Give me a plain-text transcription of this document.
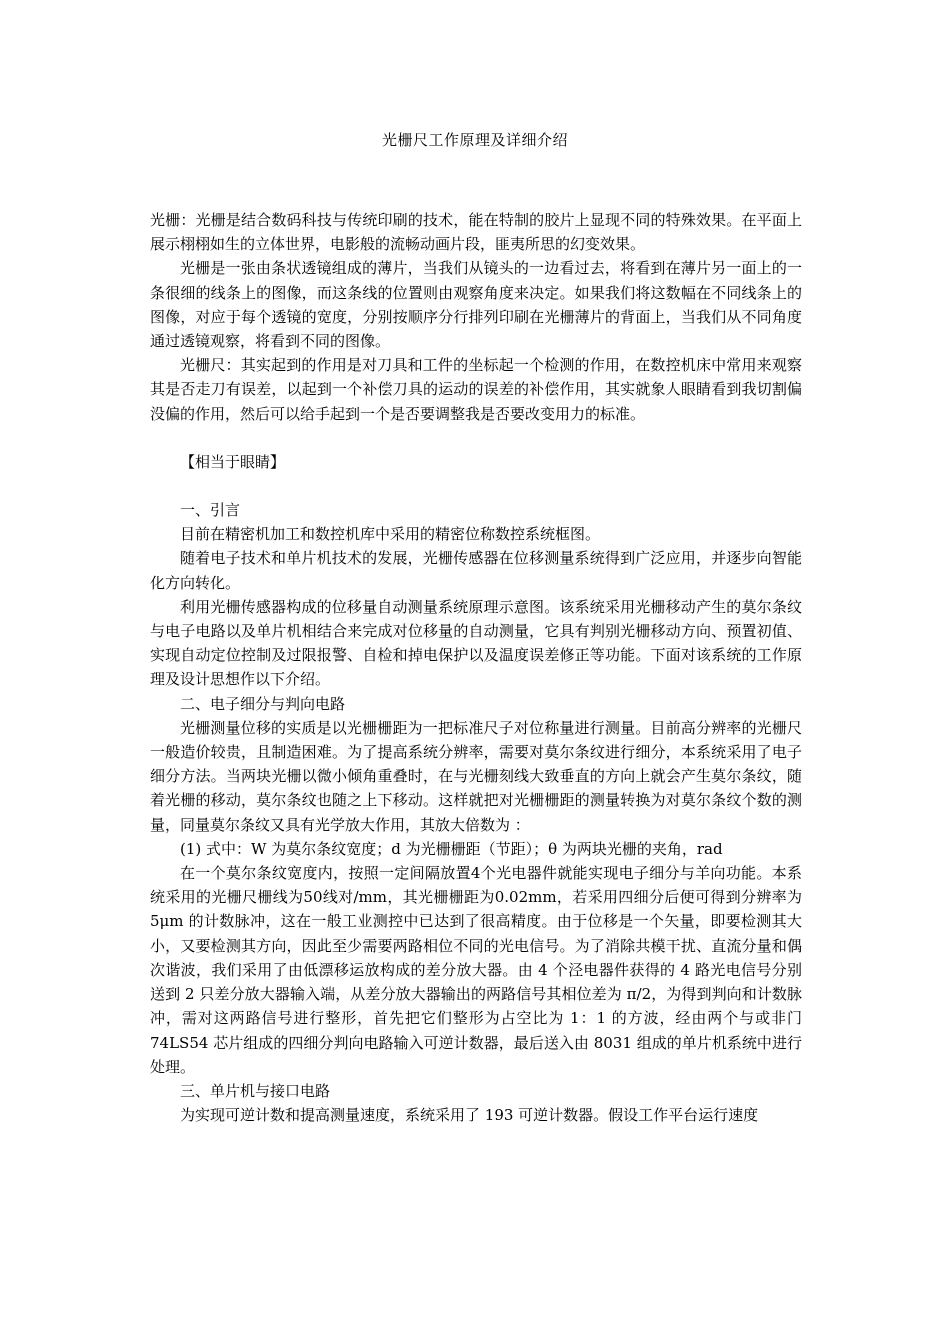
光栅尺工作原理及详细介绍

光栅：光栅是结合数码科技与传统印刷的技术，能在特制的胶片上显现不同的特殊效果。在平面上展示栩栩如生的立体世界，电影般的流畅动画片段，匪夷所思的幻变效果。

光栅是一张由条状透镜组成的薄片，当我们从镜头的一边看过去，将看到在薄片另一面上的一条很细的线条上的图像，而这条线的位置则由观察角度来决定。如果我们将这数幅在不同线条上的图像，对应于每个透镜的宽度，分别按顺序分行排列印刷在光栅薄片的背面上，当我们从不同角度通过透镜观察，将看到不同的图像。

光栅尺：其实起到的作用是对刀具和工件的坐标起一个检测的作用，在数控机床中常用来观察其是否走刀有误差，以起到一个补偿刀具的运动的误差的补偿作用，其实就象人眼睛看到我切割偏没偏的作用，然后可以给手起到一个是否要调整我是否要改变用力的标准。

【相当于眼睛】

一、引言

目前在精密机加工和数控机库中采用的精密位称数控系统框图。

随着电子技术和单片机技术的发展，光栅传感器在位移测量系统得到广泛应用，并逐步向智能化方向转化。

利用光栅传感器构成的位移量自动测量系统原理示意图。该系统采用光栅移动产生的莫尔条纹与电子电路以及单片机相结合来完成对位移量的自动测量，它具有判别光栅移动方向、预置初值、实现自动定位控制及过限报警、自检和掉电保护以及温度误差修正等功能。下面对该系统的工作原理及设计思想作以下介绍。

二、电子细分与判向电路

光栅测量位移的实质是以光栅栅距为一把标准尺子对位称量进行测量。目前高分辨率的光栅尺一般造价较贵，且制造困难。为了提高系统分辨率，需要对莫尔条纹进行细分，本系统采用了电子细分方法。当两块光栅以微小倾角重叠时，在与光栅刻线大致垂直的方向上就会产生莫尔条纹，随着光栅的移动，莫尔条纹也随之上下移动。这样就把对光栅栅距的测量转换为对莫尔条纹个数的测量，同量莫尔条纹又具有光学放大作用，其放大倍数为 ：

(1) 式中：W 为莫尔条纹宽度；d 为光栅栅距（节距）；θ 为两块光栅的夹角，rad

在一个莫尔条纹宽度内，按照一定间隔放置4个光电器件就能实现电子细分与羊向功能。本系统采用的光栅尺栅线为50线对/mm，其光栅栅距为0.02mm，若采用四细分后便可得到分辨率为 5μm 的计数脉冲，这在一般工业测控中已达到了很高精度。由于位移是一个矢量，即要检测其大小，又要检测其方向，因此至少需要两路相位不同的光电信号。为了消除共模干扰、直流分量和偶次谐波，我们采用了由低漂移运放构成的差分放大器。由 4 个泾电器件获得的 4 路光电信号分别送到 2 只差分放大器输入端，从差分放大器输出的两路信号其相位差为 π/2，为得到判向和计数脉冲，需对这两路信号进行整形，首先把它们整形为占空比为 1：1 的方波，经由两个与或非门 74LS54 芯片组成的四细分判向电路输入可逆计数器，最后送入由 8031 组成的单片机系统中进行处理。

三、单片机与接口电路

为实现可逆计数和提高测量速度，系统采用了 193 可逆计数器。假设工作平台运行速度
